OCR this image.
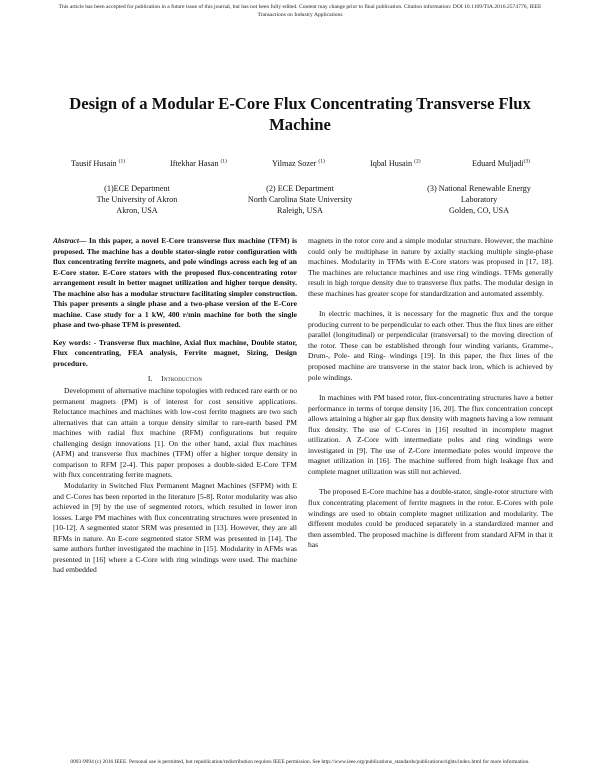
This article has been accepted for publication in a future issue of this journal, but has not been fully edited. Content may change prior to final publication. Citation information: DOI 10.1109/TIA.2016.2574776, IEEE
Transactions on Industry Applications
Design of a Modular E-Core Flux Concentrating Transverse Flux Machine
Tausif Husain $^{(1)}$	Iftekhar Hasan $^{(1)}$	Yilmaz Sozer $^{(1)}$	Iqbal Husain $^{(2)}$	Eduard Muljadi$^{(3)}$
(1)ECE Department
The University of Akron
Akron, USA
(2) ECE Department
North Carolina State University
Raleigh, USA
(3) National Renewable Energy
Laboratory
Golden, CO, USA

Abstract— In this paper, a novel E-Core transverse flux machine (TFM) is proposed. The machine has a double stator-single rotor configuration with flux concentrating ferrite magnets, and pole windings across each leg of an E-Core stator. E-Core stators with the proposed flux-concentrating rotor arrangement result in better magnet utilization and higher torque density. The machine also has a modular structure facilitating simpler construction. This paper presents a single phase and a two-phase version of the E-Core machine. Case study for a 1 kW, 400 r/min machine for both the single phase and two-phase TFM is presented.

Key words: - Transverse flux machine, Axial flux machine, Double stator, Flux concentrating, FEA analysis, Ferrite magnet, Sizing, Design procedure.

I. Introduction

Development of alternative machine topologies with reduced rare earth or no permanent magnets (PM) is of interest for cost sensitive applications. Reluctance machines and machines with low-cost ferrite magnets are two such alternatives that can attain a torque density similar to rare-earth based PM machines with radial flux machine (RFM) configurations but require challenging design innovations [1]. On the other hand, axial flux machines (AFM) and transverse flux machines (TFM) offer a higher torque density in comparison to RFM [2-4]. This paper proposes a double-sided E-Core TFM with flux concentrating ferrite magnets.

Modularity in Switched Flux Permanent Magnet Machines (SFPM) with E and C-Cores has been reported in the literature [5-8]. Rotor modularity was also achieved in [9] by the use of segmented rotors, which resulted in lower iron losses. Large PM machines with flux concentrating structures were presented in [10-12]. A segmented stator SRM was presented in [13]. However, they are all RFMs in nature. An E-core segmented stator SRM was presented in [14]. The same authors further investigated the machine in [15]. Modularity in AFMs was presented in [16] where a C-Core with ring windings were used. The machine had embedded

magnets in the rotor core and a simple modular structure. However, the machine could only be multiphase in nature by axially stacking multiple single-phase machines. Modularity in TFMs with E-Core stators was proposed in [17, 18]. The machines are reluctance machines and use ring windings. TFMs generally result in high torque density due to transverse flux paths. The modular design in these machines has greater scope for standardization and automated assembly.

In electric machines, it is necessary for the magnetic flux and the torque producing current to be perpendicular to each other. Thus the flux lines are either parallel (longitudinal) or perpendicular (transversal) to the moving direction of the rotor. These can be established through four winding variants, Gramme-, Drum-, Pole- and Ring- windings [19]. In this paper, the flux lines of the proposed machine are transverse in the stator back iron, which is achieved by pole windings.

In machines with PM based rotor, flux-concentrating structures have a better performance in terms of torque density [16, 20]. The flux concentration concept allows attaining a higher air gap flux density with magnets having a low remnant flux density. The use of C-Cores in [16] resulted in incomplete magnet utilization. A Z-Core with intermediate poles and ring windings were investigated in [9]. The use of Z-Core intermediate poles would improve the magnet utilization in [16]. The machine suffered from high leakage flux and complete magnet utilization was still not achieved.

The proposed E-Core machine has a double-stator, single-rotor structure with flux concentrating placement of ferrite magnets in the rotor. E-Cores with pole windings are used to obtain complete magnet utilization and modularity. The different modules could be produced separately in a standardized manner and then assembled. The proposed machine is different from standard AFM in that it has

0093-9994 (c) 2016 IEEE. Personal use is permitted, but republication/redistribution requires IEEE permission. See http://www.ieee.org/publications_standards/publications/rights/index.html for more information.
